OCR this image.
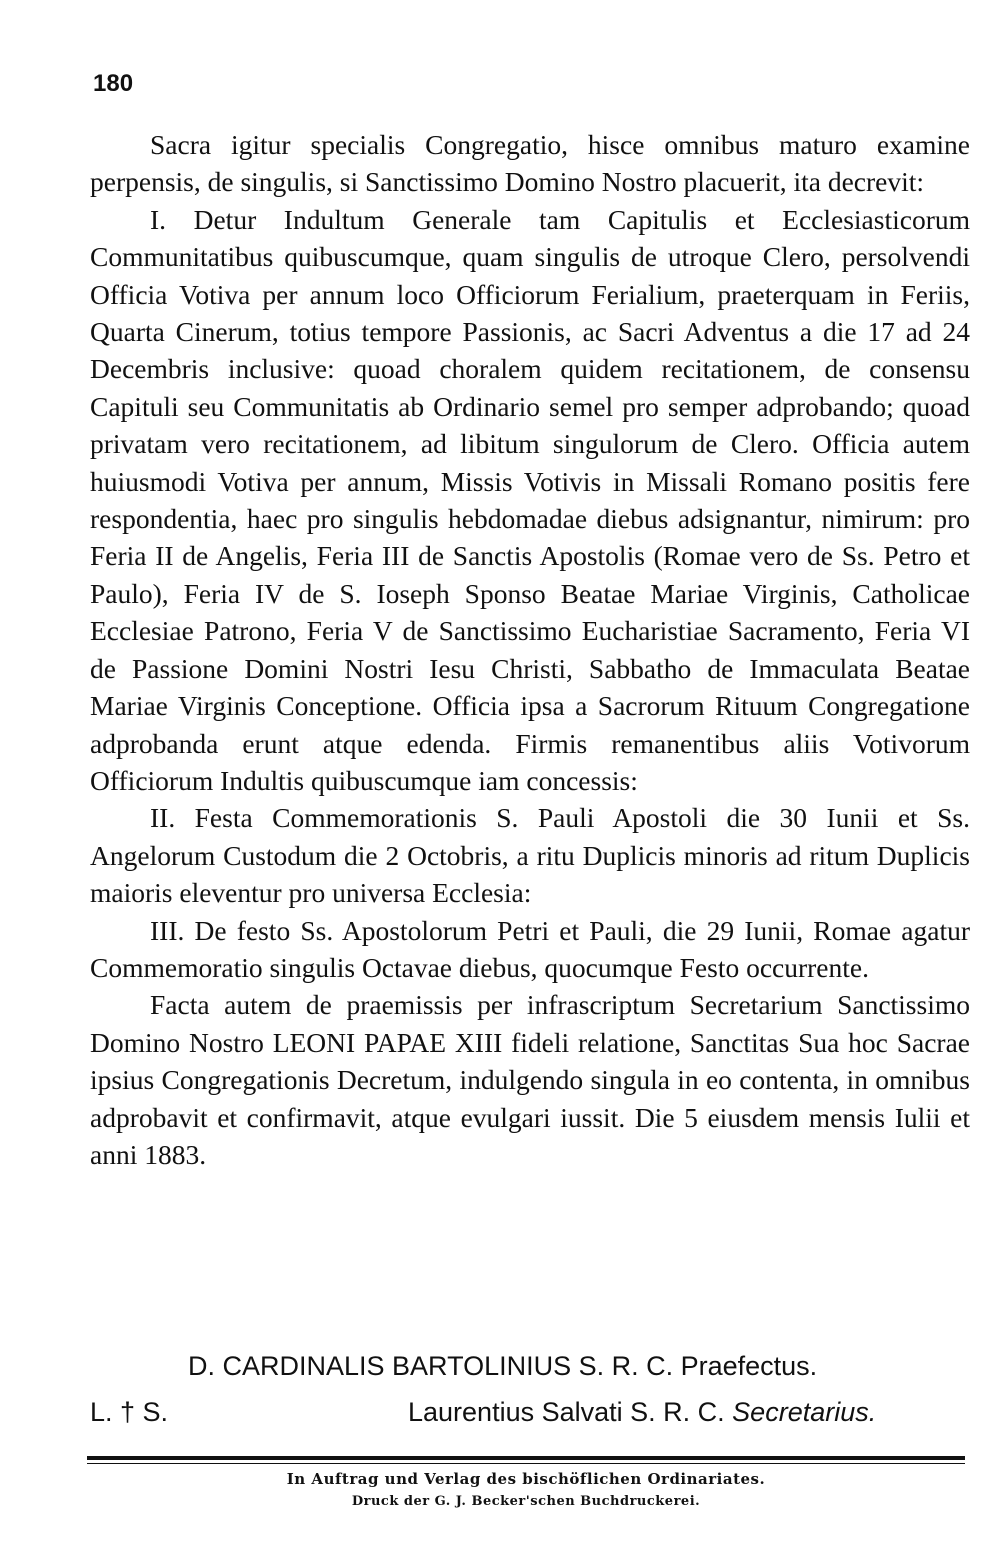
180

Sacra igitur specialis Congregatio, hisce omnibus maturo examine perpensis, de singulis, si Sanctissimo Domino Nostro placuerit, ita decrevit:

I. Detur Indultum Generale tam Capitulis et Ecclesiasticorum Communitatibus quibuscumque, quam singulis de utroque Clero, persolvendi Officia Votiva per annum loco Officiorum Ferialium, praeterquam in Feriis, Quarta Cinerum, totius tempore Passionis, ac Sacri Adventus a die 17 ad 24 Decembris inclusive: quoad choralem quidem recitationem, de consensu Capituli seu Communitatis ab Ordinario semel pro semper adprobando; quoad privatam vero recitationem, ad libitum singulorum de Clero. Officia autem huiusmodi Votiva per annum, Missis Votivis in Missali Romano positis fere respondentia, haec pro singulis hebdomadae diebus adsignantur, nimirum: pro Feria II de Angelis, Feria III de Sanctis Apostolis (Romae vero de Ss. Petro et Paulo), Feria IV de S. Ioseph Sponso Beatae Mariae Virginis, Catholicae Ecclesiae Patrono, Feria V de Sanctissimo Eucharistiae Sacramento, Feria VI de Passione Domini Nostri Iesu Christi, Sabbatho de Immaculata Beatae Mariae Virginis Conceptione. Officia ipsa a Sacrorum Rituum Congregatione adprobanda erunt atque edenda. Firmis remanentibus aliis Votivorum Officiorum Indultis quibuscumque iam concessis:

II. Festa Commemorationis S. Pauli Apostoli die 30 Iunii et Ss. Angelorum Custodum die 2 Octobris, a ritu Duplicis minoris ad ritum Duplicis maioris eleventur pro universa Ecclesia:

III. De festo Ss. Apostolorum Petri et Pauli, die 29 Iunii, Romae agatur Commemoratio singulis Octavae diebus, quocumque Festo occurrente.

Facta autem de praemissis per infrascriptum Secretarium Sanctissimo Domino Nostro LEONI PAPAE XIII fideli relatione, Sanctitas Sua hoc Sacrae ipsius Congregationis Decretum, indulgendo singula in eo contenta, in omnibus adprobavit et confirmavit, atque evulgari iussit. Die 5 eiusdem mensis Iulii et anni 1883.

D. CARDINALIS BARTOLINIUS S. R. C. Praefectus.
L. † S.	Laurentius Salvati S. R. C. Secretarius.
In Auftrag und Verlag des bischöflichen Ordinariates.
Druck der G. J. Becker'schen Buchdruckerei.
